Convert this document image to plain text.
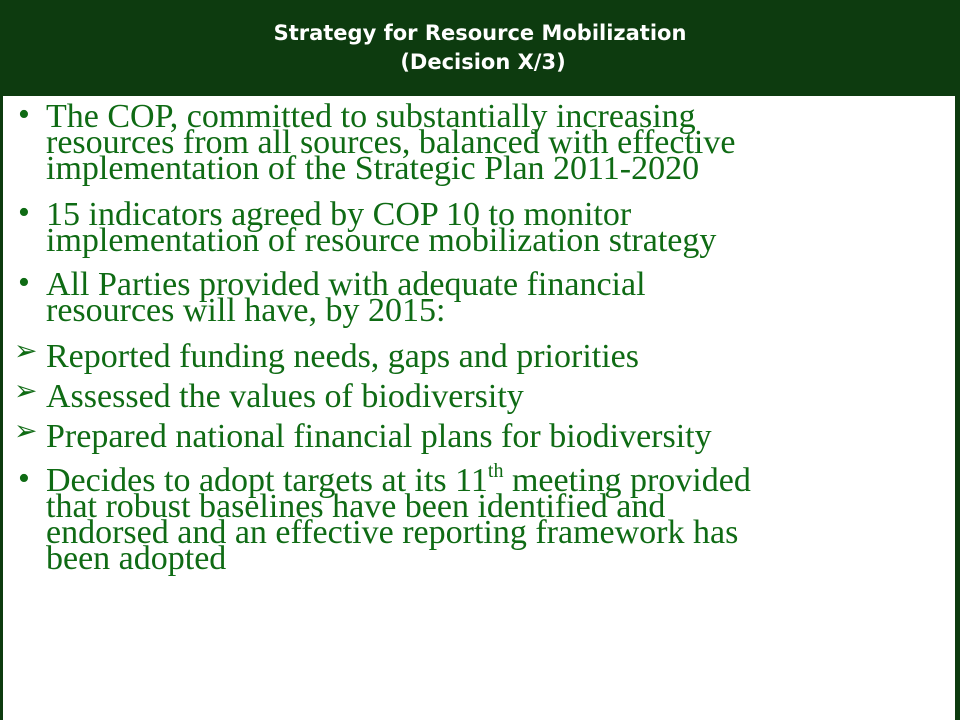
Strategy for Resource Mobilization
(Decision X/3)
• The COP, committed to substantially increasing
resources from all sources, balanced with effective
implementation of the Strategic Plan 2011-2020
• 15 indicators agreed by COP 10 to monitor
implementation of resource mobilization strategy
• All Parties provided with adequate financial
resources will have, by 2015:
➢ Reported funding needs, gaps and priorities
➢ Assessed the values of biodiversity
➢ Prepared national financial plans for biodiversity
• Decides to adopt targets at its 11th meeting provided
that robust baselines have been identified and
endorsed and an effective reporting framework has
been adopted
